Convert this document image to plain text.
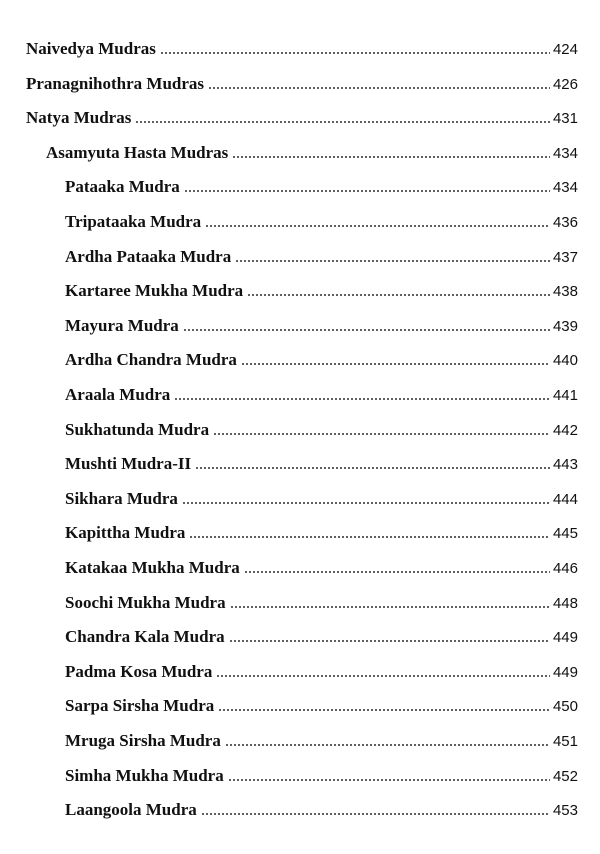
Naivedya Mudras	424
Pranagnihothra Mudras	426
Natya Mudras	431
Asamyuta Hasta Mudras	434
Pataaka Mudra	434
Tripataaka Mudra	436
Ardha Pataaka Mudra	437
Kartaree Mukha Mudra	438
Mayura Mudra	439
Ardha Chandra Mudra	440
Araala Mudra	441
Sukhatunda Mudra	442
Mushti Mudra-II	443
Sikhara Mudra	444
Kapittha Mudra	445
Katakaa Mukha Mudra	446
Soochi Mukha Mudra	448
Chandra Kala Mudra	449
Padma Kosa Mudra	449
Sarpa Sirsha Mudra	450
Mruga Sirsha Mudra	451
Simha Mukha Mudra	452
Laangoola Mudra	453
